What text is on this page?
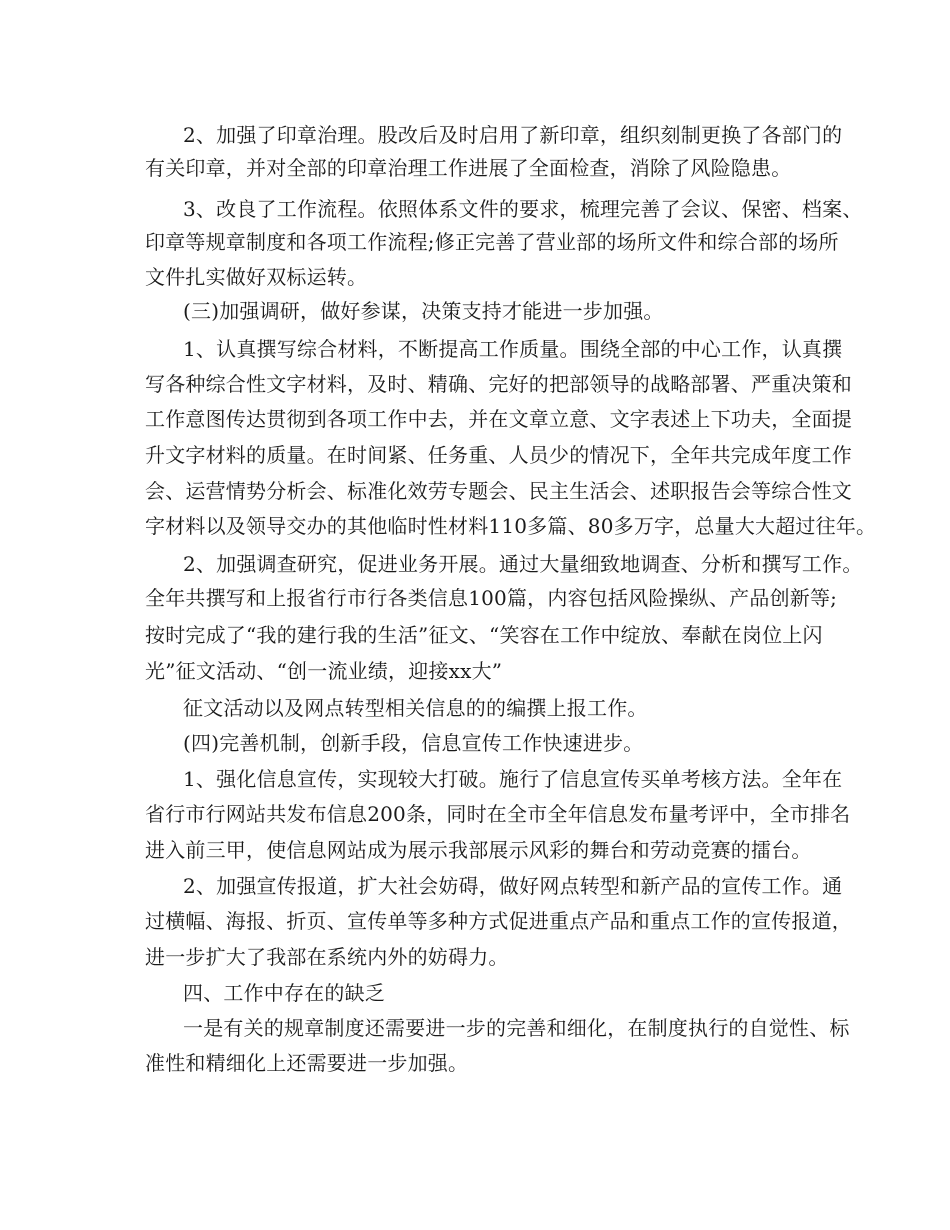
2、加强了印章治理。股改后及时启用了新印章，组织刻制更换了各部门的
有关印章，并对全部的印章治理工作进展了全面检查，消除了风险隐患。
3、改良了工作流程。依照体系文件的要求，梳理完善了会议、保密、档案、
印章等规章制度和各项工作流程;修正完善了营业部的场所文件和综合部的场所
文件扎实做好双标运转。
(三)加强调研，做好参谋，决策支持才能进一步加强。
1、认真撰写综合材料，不断提高工作质量。围绕全部的中心工作，认真撰
写各种综合性文字材料，及时、精确、完好的把部领导的战略部署、严重决策和
工作意图传达贯彻到各项工作中去，并在文章立意、文字表述上下功夫，全面提
升文字材料的质量。在时间紧、任务重、人员少的情况下，全年共完成年度工作
会、运营情势分析会、标准化效劳专题会、民主生活会、述职报告会等综合性文
字材料以及领导交办的其他临时性材料110多篇、80多万字，总量大大超过往年。
2、加强调查研究，促进业务开展。通过大量细致地调查、分析和撰写工作。
全年共撰写和上报省行市行各类信息100篇，内容包括风险操纵、产品创新等;
按时完成了“我的建行我的生活”征文、“笑容在工作中绽放、奉献在岗位上闪
光”征文活动、“创一流业绩，迎接xx大”
征文活动以及网点转型相关信息的的编撰上报工作。
(四)完善机制，创新手段，信息宣传工作快速进步。
1、强化信息宣传，实现较大打破。施行了信息宣传买单考核方法。全年在
省行市行网站共发布信息200条，同时在全市全年信息发布量考评中，全市排名
进入前三甲，使信息网站成为展示我部展示风彩的舞台和劳动竞赛的擂台。
2、加强宣传报道，扩大社会妨碍，做好网点转型和新产品的宣传工作。通
过横幅、海报、折页、宣传单等多种方式促进重点产品和重点工作的宣传报道，
进一步扩大了我部在系统内外的妨碍力。
四、工作中存在的缺乏
一是有关的规章制度还需要进一步的完善和细化，在制度执行的自觉性、标
准性和精细化上还需要进一步加强。
